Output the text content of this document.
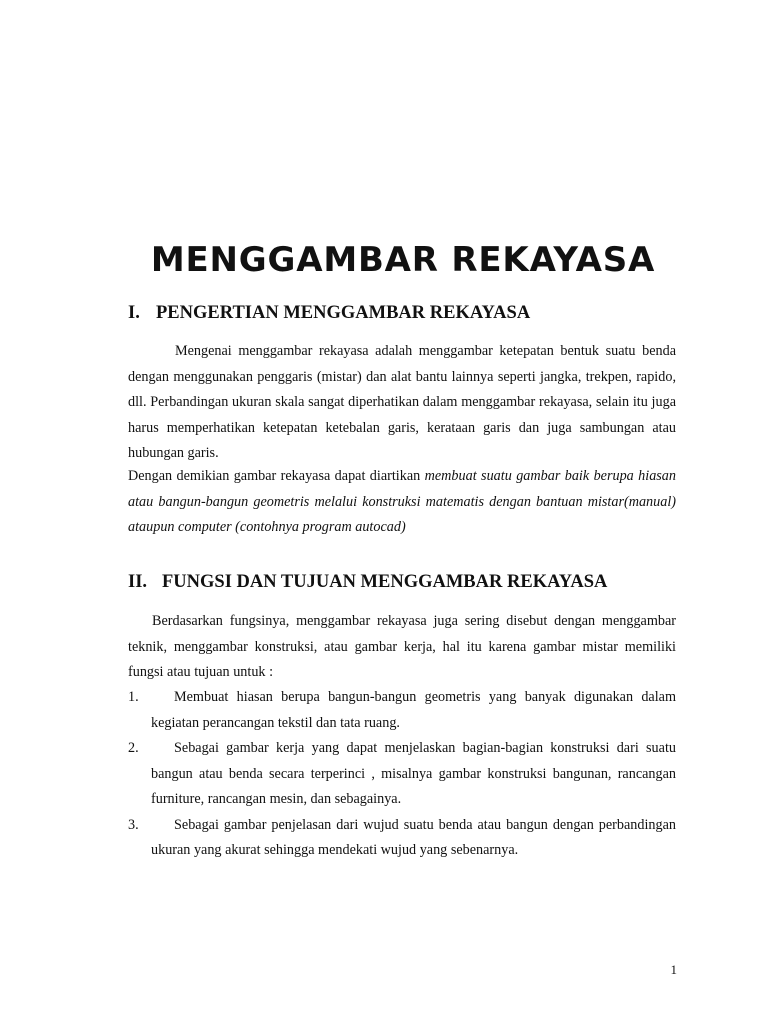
MENGGAMBAR REKAYASA
I. PENGERTIAN MENGGAMBAR REKAYASA

Mengenai menggambar rekayasa adalah menggambar ketepatan bentuk suatu benda dengan menggunakan penggaris (mistar) dan alat bantu lainnya seperti jangka, trekpen, rapido, dll. Perbandingan ukuran skala sangat diperhatikan dalam menggambar rekayasa, selain itu juga harus memperhatikan ketepatan ketebalan garis, kerataan garis dan juga sambungan atau hubungan garis.

Dengan demikian gambar rekayasa dapat diartikan membuat suatu gambar baik berupa hiasan atau bangun-bangun geometris melalui konstruksi matematis dengan bantuan mistar(manual) ataupun computer (contohnya program autocad)

II. FUNGSI DAN TUJUAN MENGGAMBAR REKAYASA

Berdasarkan fungsinya, menggambar rekayasa juga sering disebut dengan menggambar teknik, menggambar konstruksi, atau gambar kerja, hal itu karena gambar mistar memiliki fungsi atau tujuan untuk :

1.	Membuat hiasan berupa bangun-bangun geometris yang banyak digunakan dalam kegiatan perancangan tekstil dan tata ruang.
2.	Sebagai gambar kerja yang dapat menjelaskan bagian-bagian konstruksi dari suatu bangun atau benda secara terperinci , misalnya gambar konstruksi bangunan, rancangan furniture, rancangan mesin, dan sebagainya.
3.	Sebagai gambar penjelasan dari wujud suatu benda atau bangun dengan perbandingan ukuran yang akurat sehingga mendekati wujud yang sebenarnya.
1
